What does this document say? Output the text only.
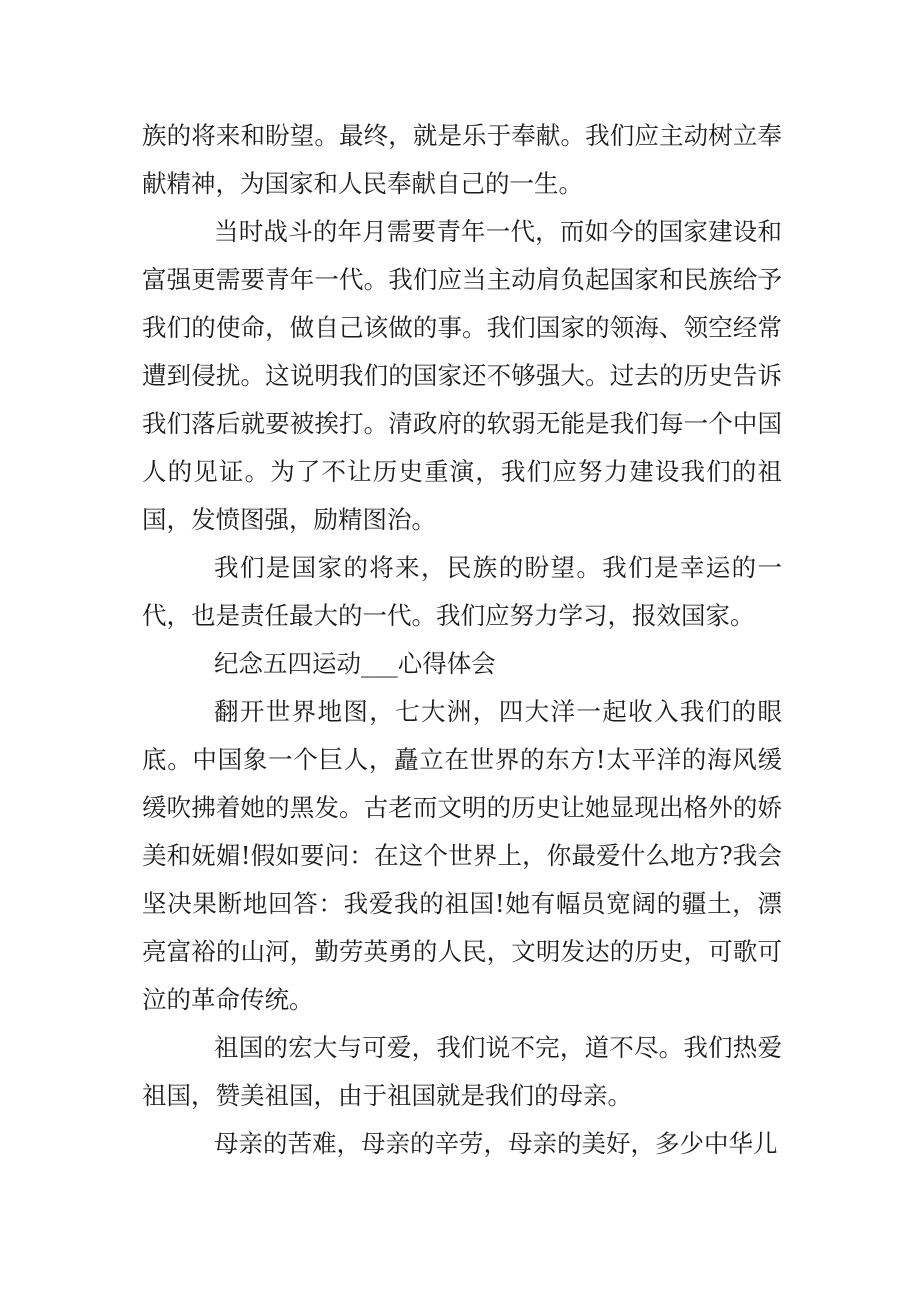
族的将来和盼望。最终，就是乐于奉献。我们应主动树立奉献精神，为国家和人民奉献自己的一生。

当时战斗的年月需要青年一代，而如今的国家建设和富强更需要青年一代。我们应当主动肩负起国家和民族给予我们的使命，做自己该做的事。我们国家的领海、领空经常遭到侵扰。这说明我们的国家还不够强大。过去的历史告诉我们落后就要被挨打。清政府的软弱无能是我们每一个中国人的见证。为了不让历史重演，我们应努力建设我们的祖国，发愤图强，励精图治。

我们是国家的将来，民族的盼望。我们是幸运的一代，也是责任最大的一代。我们应努力学习，报效国家。

纪念五四运动___心得体会

翻开世界地图，七大洲，四大洋一起收入我们的眼底。中国象一个巨人，矗立在世界的东方!太平洋的海风缓缓吹拂着她的黑发。古老而文明的历史让她显现出格外的娇美和妩媚!假如要问：在这个世界上，你最爱什么地方?我会坚决果断地回答：我爱我的祖国!她有幅员宽阔的疆土，漂亮富裕的山河，勤劳英勇的人民，文明发达的历史，可歌可泣的革命传统。

祖国的宏大与可爱，我们说不完，道不尽。我们热爱祖国，赞美祖国，由于祖国就是我们的母亲。

母亲的苦难，母亲的辛劳，母亲的美好，多少中华儿
